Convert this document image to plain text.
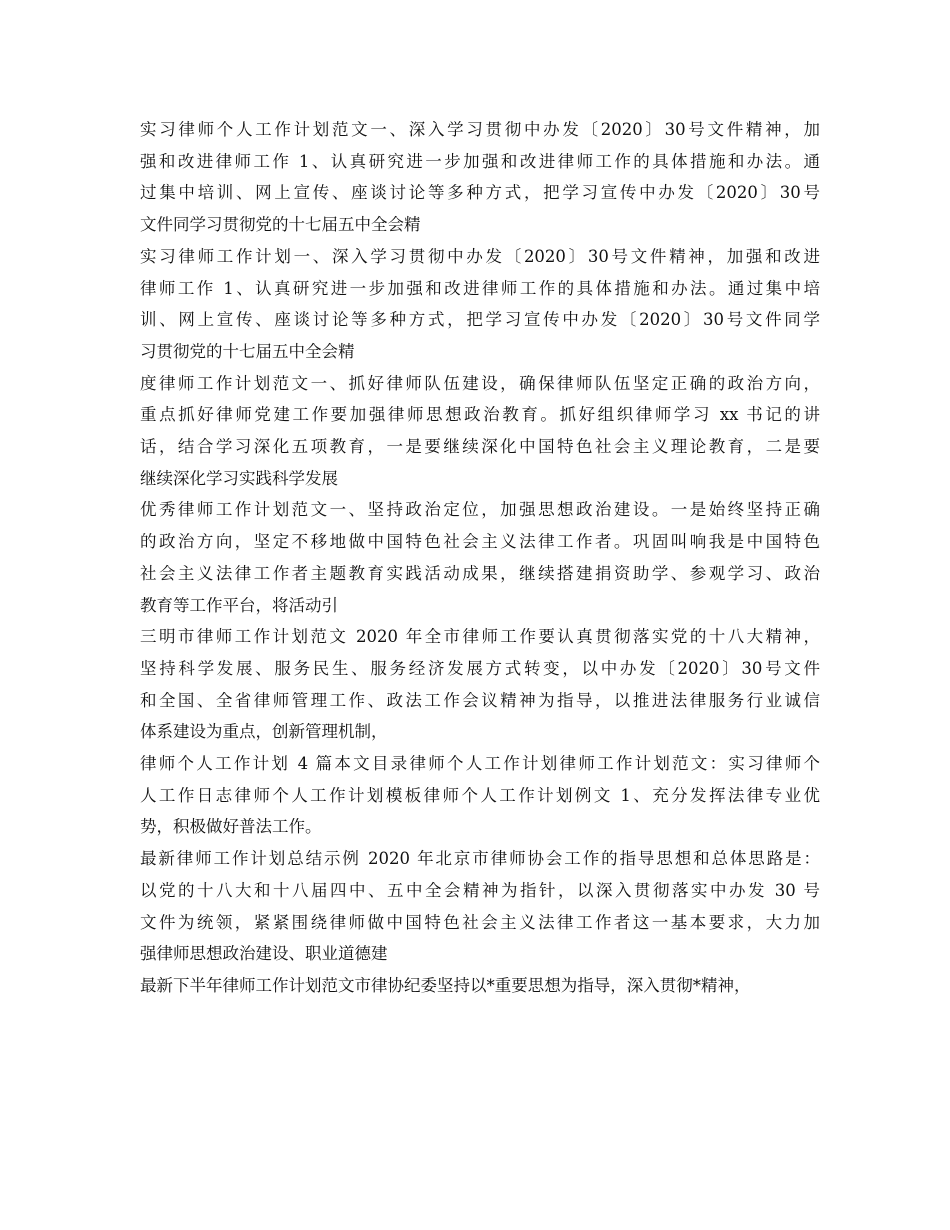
实习律师个人工作计划范文一、深入学习贯彻中办发〔2020〕30号文件精神，加
强和改进律师工作 1、认真研究进一步加强和改进律师工作的具体措施和办法。通
过集中培训、网上宣传、座谈讨论等多种方式，把学习宣传中办发〔2020〕30号
文件同学习贯彻党的十七届五中全会精
实习律师工作计划一、深入学习贯彻中办发〔2020〕30号文件精神，加强和改进
律师工作 1、认真研究进一步加强和改进律师工作的具体措施和办法。通过集中培
训、网上宣传、座谈讨论等多种方式，把学习宣传中办发〔2020〕30号文件同学
习贯彻党的十七届五中全会精
度律师工作计划范文一、抓好律师队伍建设，确保律师队伍坚定正确的政治方向，
重点抓好律师党建工作要加强律师思想政治教育。抓好组织律师学习 xx 书记的讲
话，结合学习深化五项教育，一是要继续深化中国特色社会主义理论教育，二是要
继续深化学习实践科学发展
优秀律师工作计划范文一、坚持政治定位，加强思想政治建设。一是始终坚持正确
的政治方向，坚定不移地做中国特色社会主义法律工作者。巩固叫响我是中国特色
社会主义法律工作者主题教育实践活动成果，继续搭建捐资助学、参观学习、政治
教育等工作平台，将活动引
三明市律师工作计划范文 2020 年全市律师工作要认真贯彻落实党的十八大精神，
坚持科学发展、服务民生、服务经济发展方式转变，以中办发〔2020〕30号文件
和全国、全省律师管理工作、政法工作会议精神为指导，以推进法律服务行业诚信
体系建设为重点，创新管理机制，
律师个人工作计划 4 篇本文目录律师个人工作计划律师工作计划范文：实习律师个
人工作日志律师个人工作计划模板律师个人工作计划例文 1、充分发挥法律专业优
势，积极做好普法工作。
最新律师工作计划总结示例 2020 年北京市律师协会工作的指导思想和总体思路是：
以党的十八大和十八届四中、五中全会精神为指针，以深入贯彻落实中办发 30 号
文件为统领，紧紧围绕律师做中国特色社会主义法律工作者这一基本要求，大力加
强律师思想政治建设、职业道德建
最新下半年律师工作计划范文市律协纪委坚持以*重要思想为指导，深入贯彻*精神，
